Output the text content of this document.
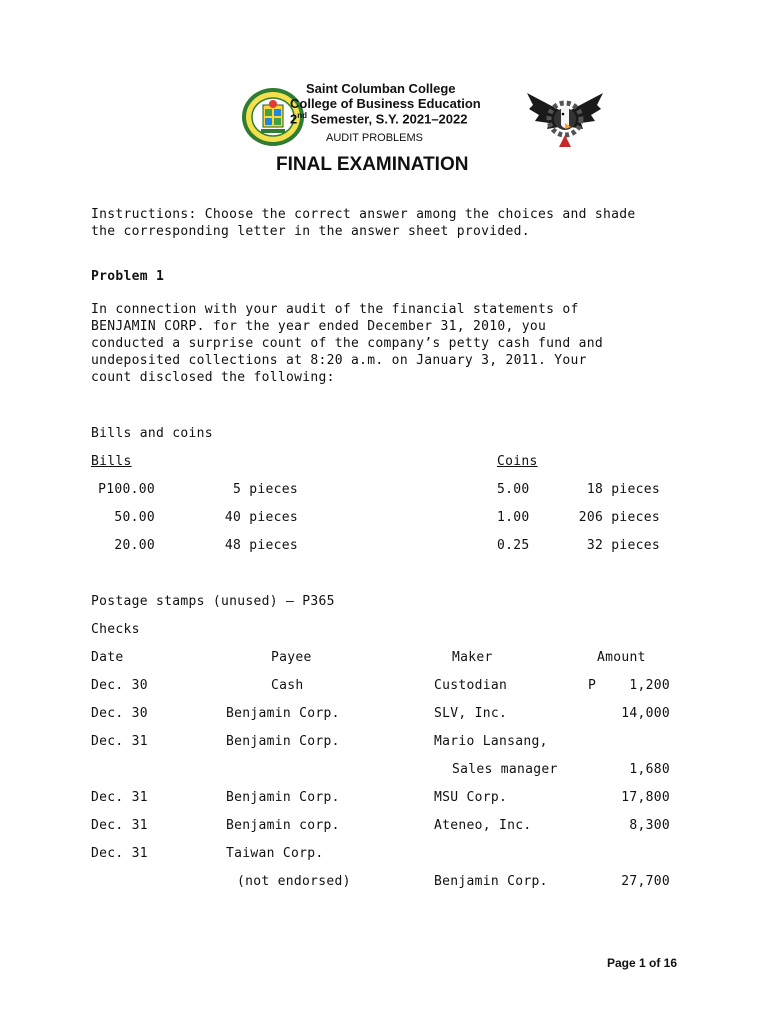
Saint Columban College
College of Business Education
2nd Semester, S.Y. 2021–2022

AUDIT PROBLEMS
FINAL EXAMINATION
Instructions: Choose the correct answer among the choices and shade
the corresponding letter in the answer sheet provided.
Problem 1
In connection with your audit of the financial statements of
BENJAMIN CORP. for the year ended December 31, 2010, you
conducted a surprise count of the company’s petty cash fund and
undeposited collections at 8:20 a.m. on January 3, 2011. Your
count disclosed the following:
Bills and coins
Bills	Coins
P100.00	5 pieces	5.00	18 pieces
50.00	40 pieces	1.00	206 pieces
20.00	48 pieces	0.25	32 pieces
Postage stamps (unused) – P365
Checks
Date	Payee	Maker	Amount
Dec. 30	Cash	Custodian	P	1,200
Dec. 30	Benjamin Corp.	SLV, Inc.	14,000
Dec. 31	Benjamin Corp.	Mario Lansang,
Sales manager	1,680
Dec. 31	Benjamin Corp.	MSU Corp.	17,800
Dec. 31	Benjamin corp.	Ateneo, Inc.	8,300
Dec. 31	Taiwan Corp.
(not endorsed)	Benjamin Corp.	27,700
Page 1 of 16
